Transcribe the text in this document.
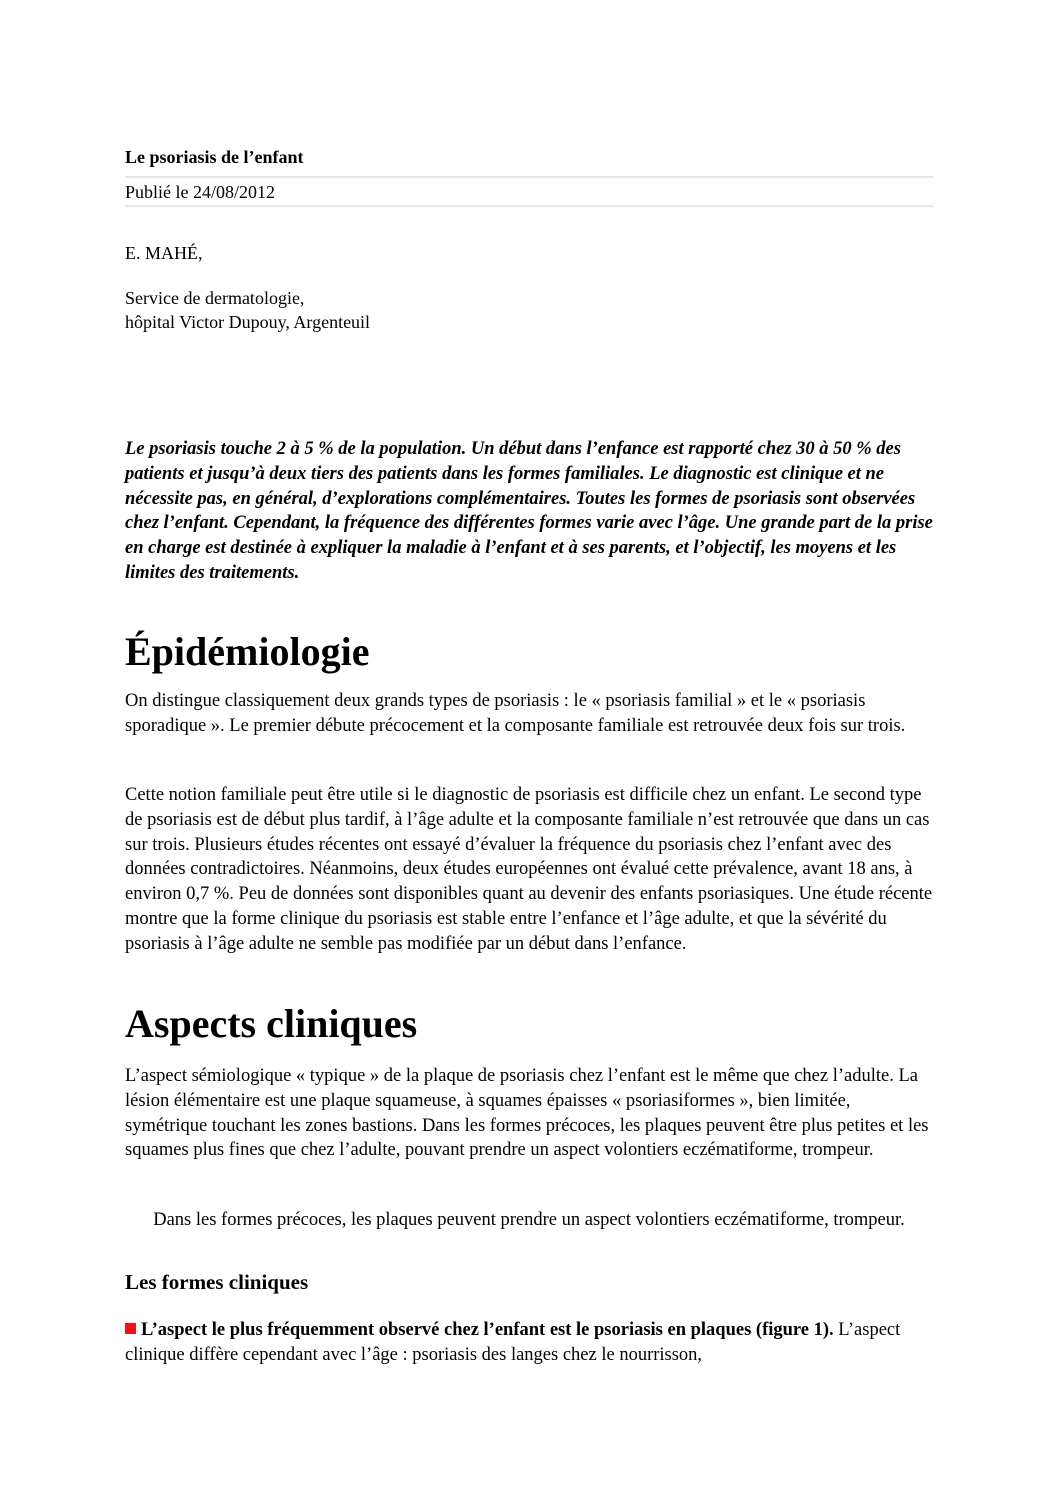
Le psoriasis de l’enfant
Publié le 24/08/2012
E. MAHÉ,
Service de dermatologie,
hôpital Victor Dupouy, Argenteuil

Le psoriasis touche 2 à 5 % de la population. Un début dans l’enfance est rapporté chez 30 à 50 % des patients et jusqu’à deux tiers des patients dans les formes familiales. Le diagnostic est clinique et ne nécessite pas, en général, d’explorations complémentaires. Toutes les formes de psoriasis sont observées chez l’enfant. Cependant, la fréquence des différentes formes varie avec l’âge. Une grande part de la prise en charge est destinée à expliquer la maladie à l’enfant et à ses parents, et l’objectif, les moyens et les limites des traitements.

Épidémiologie

On distingue classiquement deux grands types de psoriasis : le « psoriasis familial » et le « psoriasis sporadique ». Le premier débute précocement et la composante familiale est retrouvée deux fois sur trois.

Cette notion familiale peut être utile si le diagnostic de psoriasis est difficile chez un enfant. Le second type de psoriasis est de début plus tardif, à l’âge adulte et la composante familiale n’est retrouvée que dans un cas sur trois. Plusieurs études récentes ont essayé d’évaluer la fréquence du psoriasis chez l’enfant avec des données contradictoires. Néanmoins, deux études européennes ont évalué cette prévalence, avant 18 ans, à environ 0,7 %. Peu de données sont disponibles quant au devenir des enfants psoriasiques. Une étude récente montre que la forme clinique du psoriasis est stable entre l’enfance et l’âge adulte, et que la sévérité du psoriasis à l’âge adulte ne semble pas modifiée par un début dans l’enfance.

Aspects cliniques

L’aspect sémiologique « typique » de la plaque de psoriasis chez l’enfant est le même que chez l’adulte. La lésion élémentaire est une plaque squameuse, à squames épaisses « psoriasiformes », bien limitée, symétrique touchant les zones bastions. Dans les formes précoces, les plaques peuvent être plus petites et les squames plus fines que chez l’adulte, pouvant prendre un aspect volontiers eczématiforme, trompeur.

Dans les formes précoces, les plaques peuvent prendre un aspect volontiers eczématiforme, trompeur.

Les formes cliniques

L’aspect le plus fréquemment observé chez l’enfant est le psoriasis en plaques (figure 1). L’aspect clinique diffère cependant avec l’âge : psoriasis des langes chez le nourrisson,
